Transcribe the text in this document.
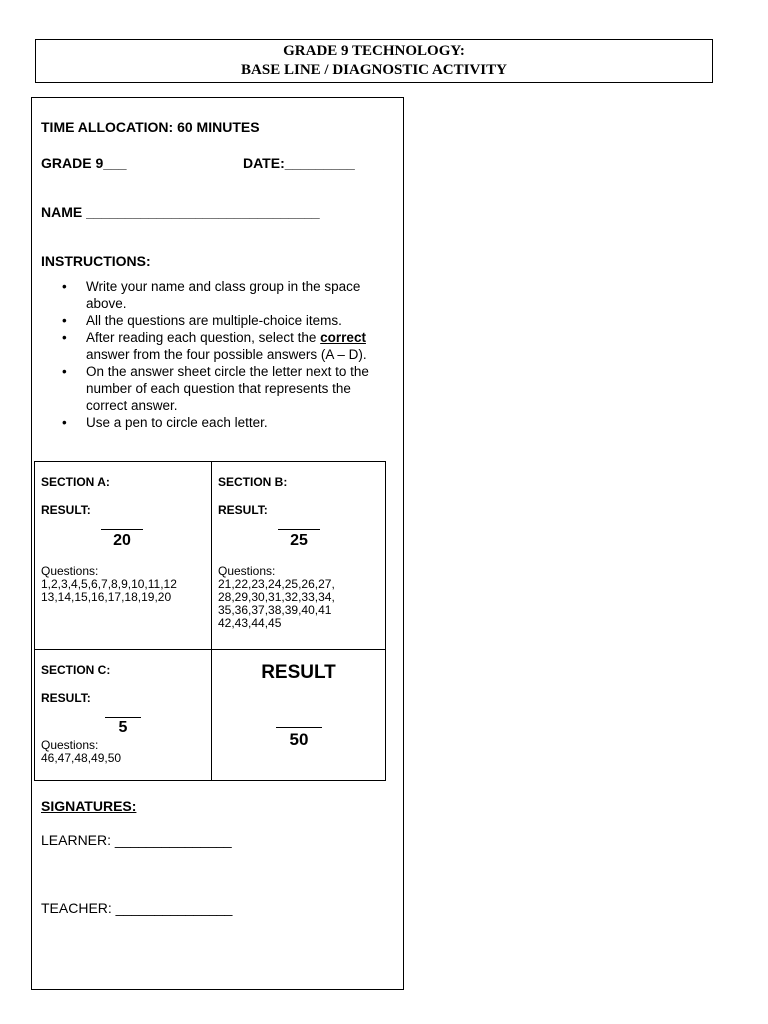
GRADE 9 TECHNOLOGY:
BASE LINE / DIAGNOSTIC ACTIVITY
TIME ALLOCATION: 60 MINUTES
GRADE 9___	DATE:_________
NAME ______________________________
INSTRUCTIONS:
• Write your name and class group in the space above.
• All the questions are multiple-choice items.
• After reading each question, select the correct answer from the four possible answers (A – D).
• On the answer sheet circle the letter next to the number of each question that represents the correct answer.
• Use a pen to circle each letter.
SECTION A:
RESULT:
20
Questions:
1,2,3,4,5,6,7,8,9,10,11,12 13,14,15,16,17,18,19,20
SECTION B:
RESULT:
25
Questions:
21,22,23,24,25,26,27, 28,29,30,31,32,33,34, 35,36,37,38,39,40,41 42,43,44,45
SECTION C:
RESULT:
5
Questions:
46,47,48,49,50
RESULT
50
SIGNATURES:
LEARNER: _______________
TEACHER: _______________
